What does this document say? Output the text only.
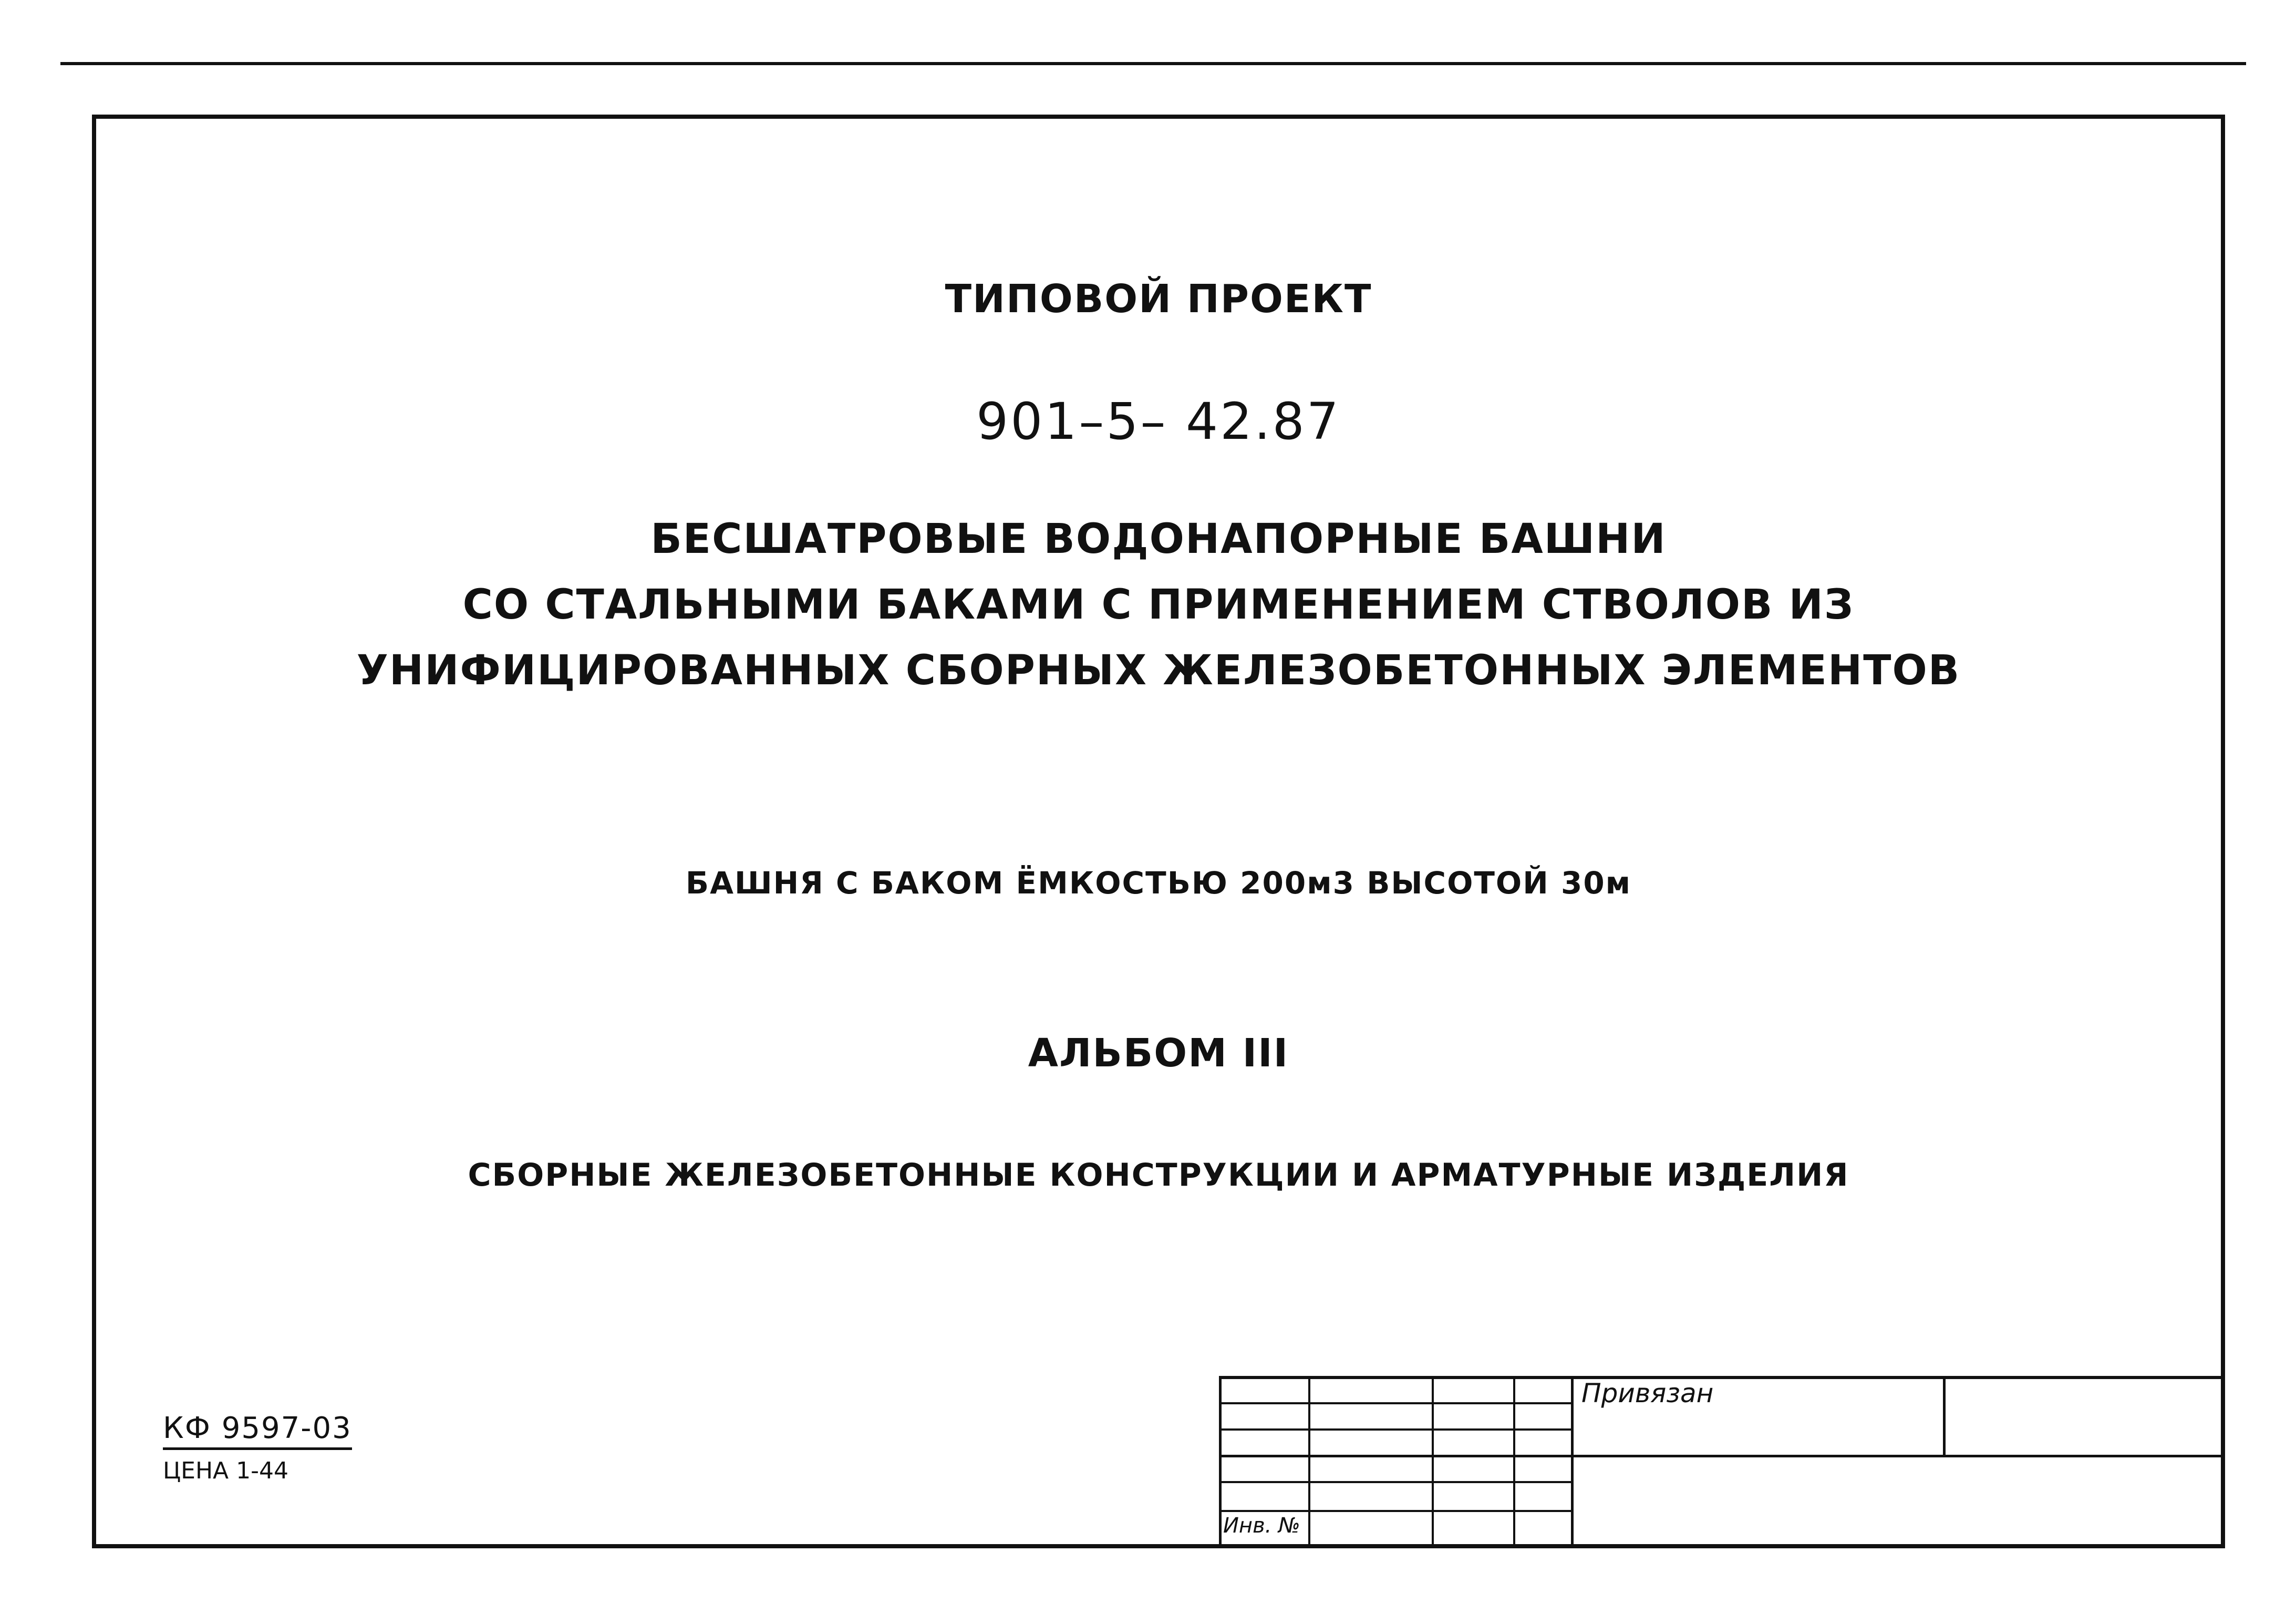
ТИПОВОЙ ПРОЕКТ
901–5– 42.87
БЕСШАТРОВЫЕ ВОДОНАПОРНЫЕ БАШНИ
СО СТАЛЬНЫМИ БАКАМИ С ПРИМЕНЕНИЕМ СТВОЛОВ ИЗ
УНИФИЦИРОВАННЫХ СБОРНЫХ ЖЕЛЕЗОБЕТОННЫХ ЭЛЕМЕНТОВ
БАШНЯ С БАКОМ ЁМКОСТЬЮ 200м3 ВЫСОТОЙ 30м
АЛЬБОМ III
СБОРНЫЕ ЖЕЛЕЗОБЕТОННЫЕ КОНСТРУКЦИИ И АРМАТУРНЫЕ ИЗДЕЛИЯ
КФ 9597-03
ЦЕНА 1-44
Привязан
Инв. №
